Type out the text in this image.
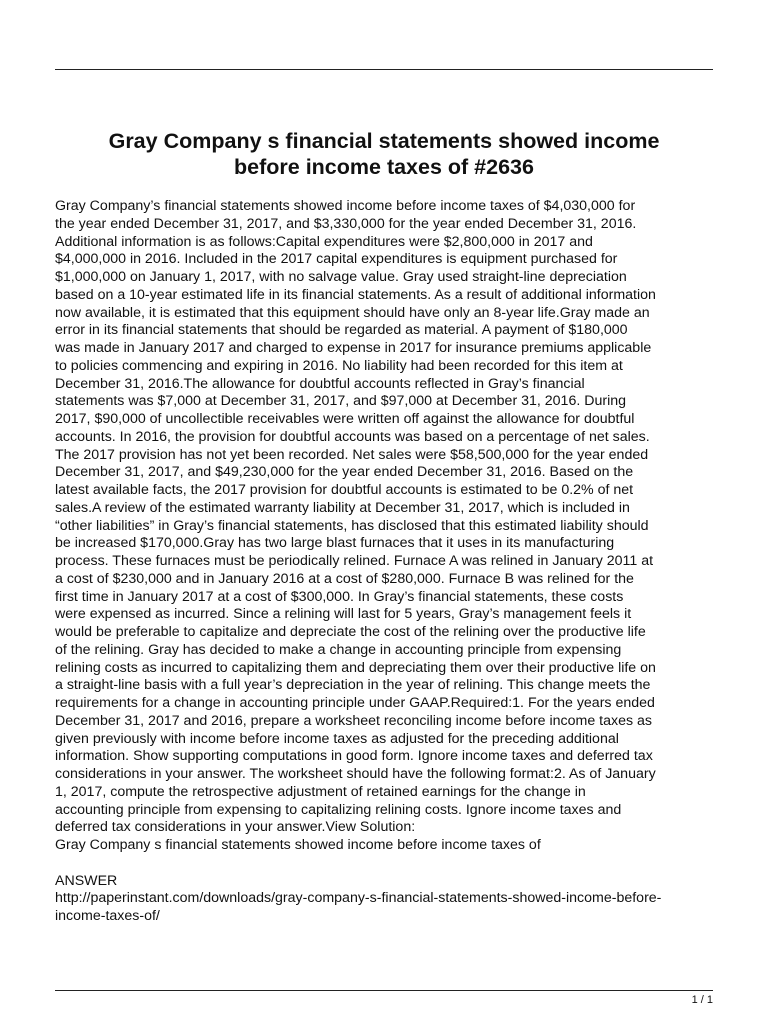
Gray Company s financial statements showed income
before income taxes of #2636
Gray Company’s financial statements showed income before income taxes of $4,030,000 for
the year ended December 31, 2017, and $3,330,000 for the year ended December 31, 2016.
Additional information is as follows:Capital expenditures were $2,800,000 in 2017 and
$4,000,000 in 2016. Included in the 2017 capital expenditures is equipment purchased for
$1,000,000 on January 1, 2017, with no salvage value. Gray used straight-line depreciation
based on a 10-year estimated life in its financial statements. As a result of additional information
now available, it is estimated that this equipment should have only an 8-year life.Gray made an
error in its financial statements that should be regarded as material. A payment of $180,000
was made in January 2017 and charged to expense in 2017 for insurance premiums applicable
to policies commencing and expiring in 2016. No liability had been recorded for this item at
December 31, 2016.The allowance for doubtful accounts reflected in Gray’s financial
statements was $7,000 at December 31, 2017, and $97,000 at December 31, 2016. During
2017, $90,000 of uncollectible receivables were written off against the allowance for doubtful
accounts. In 2016, the provision for doubtful accounts was based on a percentage of net sales.
The 2017 provision has not yet been recorded. Net sales were $58,500,000 for the year ended
December 31, 2017, and $49,230,000 for the year ended December 31, 2016. Based on the
latest available facts, the 2017 provision for doubtful accounts is estimated to be 0.2% of net
sales.A review of the estimated warranty liability at December 31, 2017, which is included in
“other liabilities” in Gray’s financial statements, has disclosed that this estimated liability should
be increased $170,000.Gray has two large blast furnaces that it uses in its manufacturing
process. These furnaces must be periodically relined. Furnace A was relined in January 2011 at
a cost of $230,000 and in January 2016 at a cost of $280,000. Furnace B was relined for the
first time in January 2017 at a cost of $300,000. In Gray’s financial statements, these costs
were expensed as incurred. Since a relining will last for 5 years, Gray’s management feels it
would be preferable to capitalize and depreciate the cost of the relining over the productive life
of the relining. Gray has decided to make a change in accounting principle from expensing
relining costs as incurred to capitalizing them and depreciating them over their productive life on
a straight-line basis with a full year’s depreciation in the year of relining. This change meets the
requirements for a change in accounting principle under GAAP.Required:1. For the years ended
December 31, 2017 and 2016, prepare a worksheet reconciling income before income taxes as
given previously with income before income taxes as adjusted for the preceding additional
information. Show supporting computations in good form. Ignore income taxes and deferred tax
considerations in your answer. The worksheet should have the following format:2. As of January
1, 2017, compute the retrospective adjustment of retained earnings for the change in
accounting principle from expensing to capitalizing relining costs. Ignore income taxes and
deferred tax considerations in your answer.View Solution:
Gray Company s financial statements showed income before income taxes of
ANSWER
http://paperinstant.com/downloads/gray-company-s-financial-statements-showed-income-before-
income-taxes-of/
1 / 1
